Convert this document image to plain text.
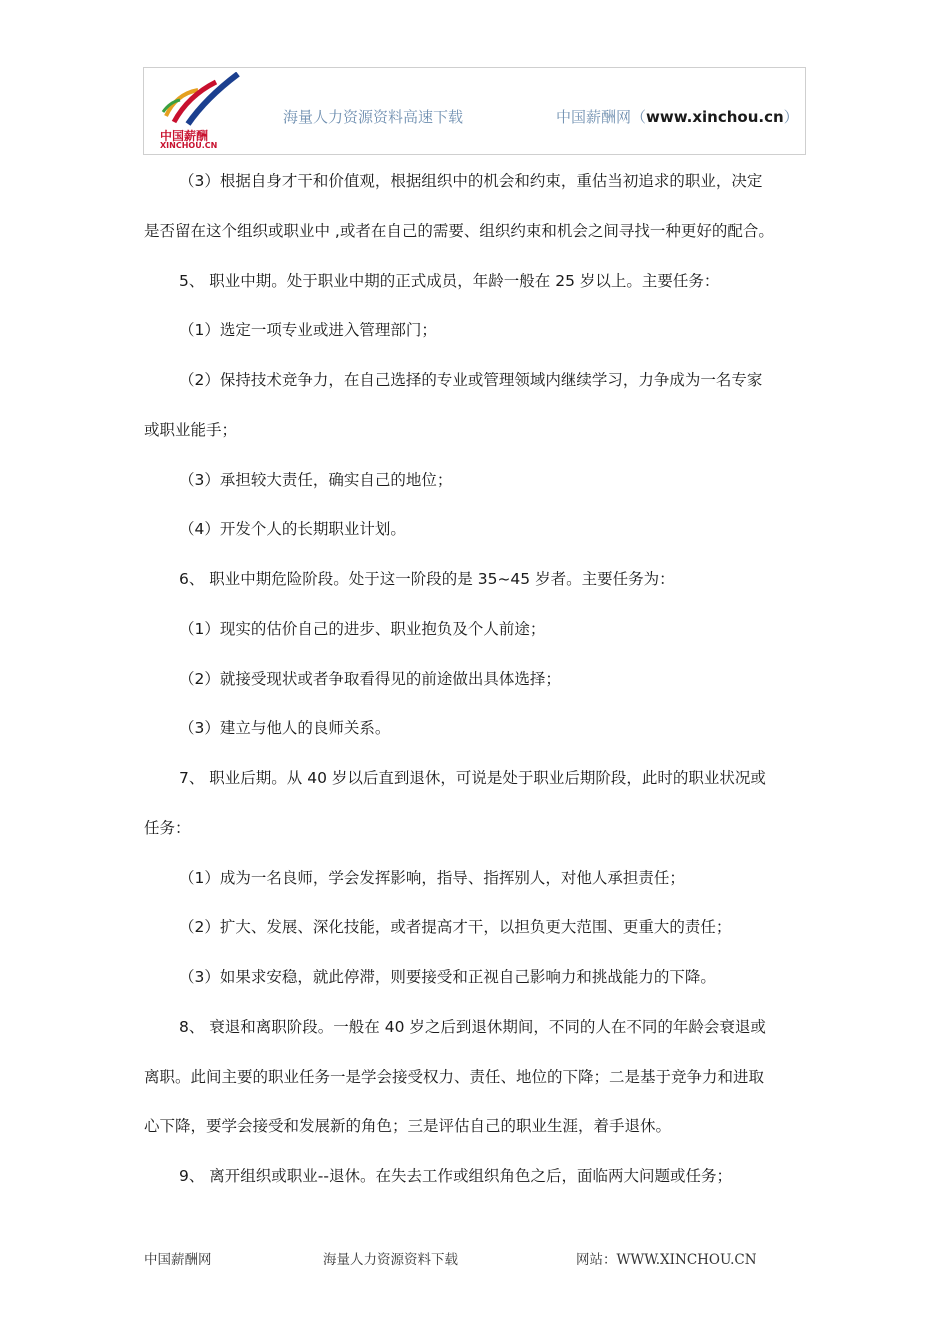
中国薪酬
XINCHOU.CN
海量人力资源资料高速下载	中国薪酬网（www.xinchou.cn）
（3）根据自身才干和价值观，根据组织中的机会和约束，重估当初追求的职业，决定
是否留在这个组织或职业中 ,或者在自己的需要、组织约束和机会之间寻找一种更好的配合。
5、 职业中期。处于职业中期的正式成员，年龄一般在 25 岁以上。主要任务：
（1）选定一项专业或进入管理部门；
（2）保持技术竞争力，在自己选择的专业或管理领域内继续学习，力争成为一名专家
或职业能手；
（3）承担较大责任，确实自己的地位；
（4）开发个人的长期职业计划。
6、 职业中期危险阶段。处于这一阶段的是 35~45 岁者。主要任务为：
（1）现实的估价自己的进步、职业抱负及个人前途；
（2）就接受现状或者争取看得见的前途做出具体选择；
（3）建立与他人的良师关系。
7、 职业后期。从 40 岁以后直到退休，可说是处于职业后期阶段，此时的职业状况或
任务：
（1）成为一名良师，学会发挥影响，指导、指挥别人，对他人承担责任；
（2）扩大、发展、深化技能，或者提高才干，以担负更大范围、更重大的责任；
（3）如果求安稳，就此停滞，则要接受和正视自己影响力和挑战能力的下降。
8、 衰退和离职阶段。一般在 40 岁之后到退休期间，不同的人在不同的年龄会衰退或
离职。此间主要的职业任务一是学会接受权力、责任、地位的下降；二是基于竞争力和进取
心下降，要学会接受和发展新的角色；三是评估自己的职业生涯，着手退休。
9、 离开组织或职业--退休。在失去工作或组织角色之后，面临两大问题或任务；
中国薪酬网	海量人力资源资料下载	网站：WWW.XINCHOU.CN
